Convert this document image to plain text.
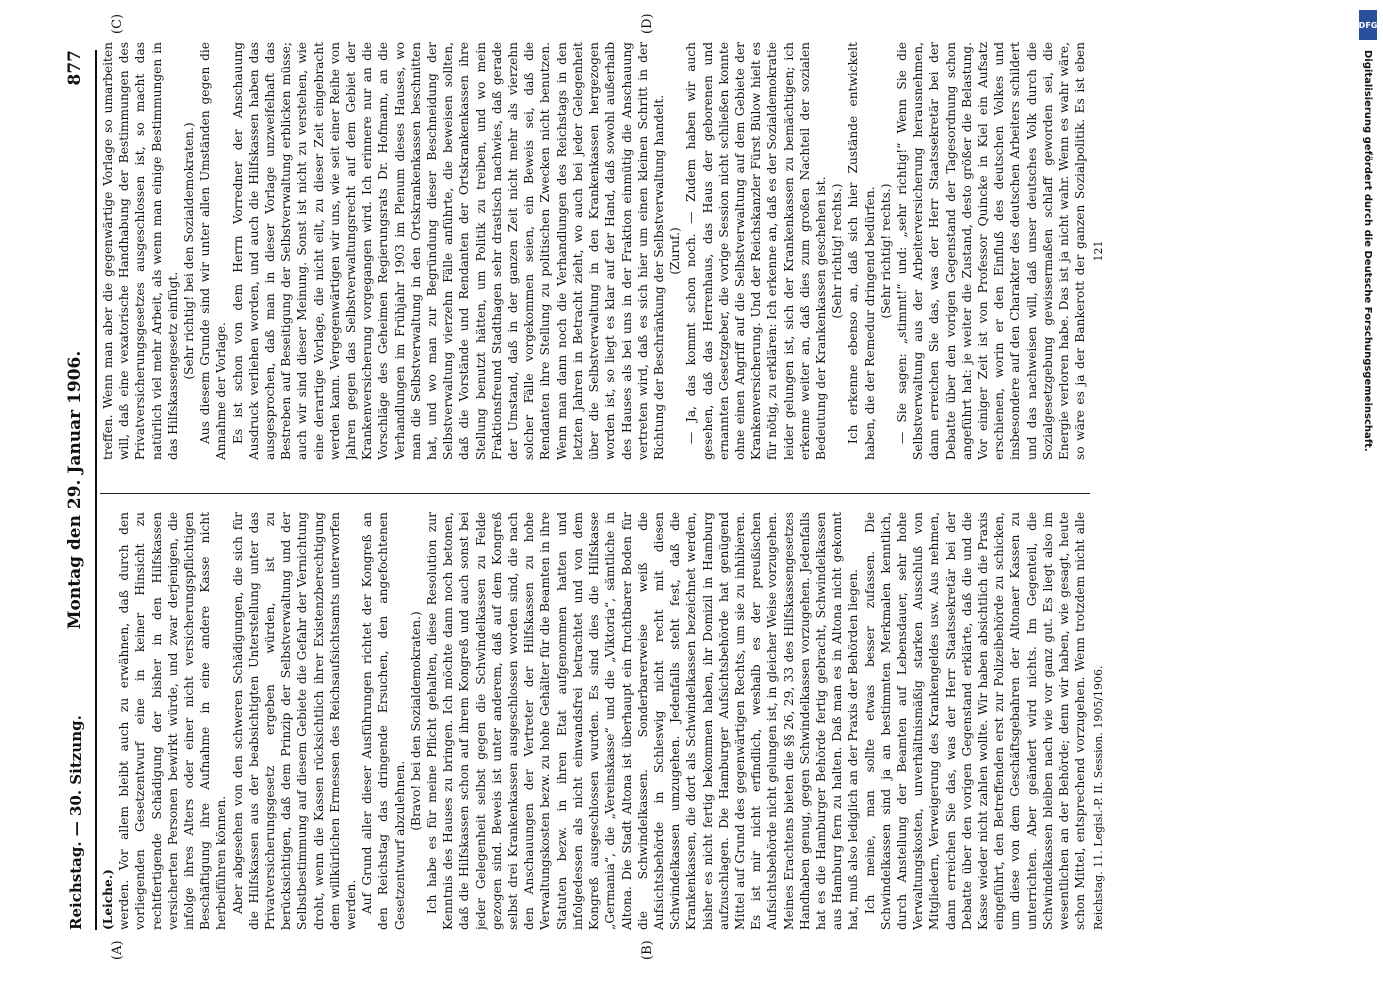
Reichstag. — 30. Sitzung.
Montag den 29. Januar 1906.
877
(A)	(B)
(C)	(D)

(Leiche.) werden. Vor allem bleibt auch zu erwähnen, daß durch den vorliegenden Gesetzentwurf eine in keiner Hinsicht zu rechtfertigende Schädigung der bisher in den Hilfskassen versicherten Personen bewirkt würde, und zwar derjenigen, die infolge ihres Alters oder einer nicht versicherungspflichtigen Beschäftigung ihre Aufnahme in eine andere Kasse nicht herbeiführen können. Aber abgesehen von den schweren Schädigungen, die sich für die Hilfskassen aus der beabsichtigten Unterstellung unter das Privatversicherungsgesetz ergeben würden, ist zu berücksichtigen, daß dem Prinzip der Selbstverwaltung und der Selbstbestimmung auf diesem Gebiete die Gefahr der Vernichtung droht, wenn die Kassen rücksichtlich ihrer Existenzberechtigung dem willkürlichen Ermessen des Reichsaufsichtsamts unterworfen werden. Auf Grund aller dieser Ausführungen richtet der Kongreß an den Reichstag das dringende Ersuchen, den angefochtenen Gesetzentwurf abzulehnen.

(Bravo! bei den Sozialdemokraten.) Ich habe es für meine Pflicht gehalten, diese Resolution zur Kenntnis des Hauses zu bringen. Ich möchte dann noch betonen, daß die Hilfskassen schon auf ihrem Kongreß und auch sonst bei jeder Gelegenheit selbst gegen die Schwindelkassen zu Felde gezogen sind. Beweis ist unter anderem, daß auf dem Kongreß selbst drei Krankenkassen ausgeschlossen worden sind, die nach den Anschauungen der Vertreter der Hilfskassen zu hohe Verwaltungskosten bezw. zu hohe Gehälter für die Beamten in ihre Statuten bezw. in ihren Etat aufgenommen hatten und infolgedessen als nicht einwandsfrei betrachtet und von dem Kongreß ausgeschlossen wurden. Es sind dies die Hilfskasse „Germania“, die „Vereinskasse“ und die „Viktoria“, sämtliche in Altona. Die Stadt Altona ist überhaupt ein fruchtbarer Boden für die Schwindelkassen. Sonderbarerweise weiß die Aufsichtsbehörde in Schleswig nicht recht mit diesen Schwindelkassen umzugehen. Jedenfalls steht fest, daß die Krankenkassen, die dort als Schwindelkassen bezeichnet werden, bisher es nicht fertig bekommen haben, ihr Domizil in Hamburg aufzuschlagen. Die Hamburger Aufsichtsbehörde hat genügend Mittel auf Grund des gegenwärtigen Rechts, um sie zu inhibieren. Es ist mir nicht erfindlich, weshalb es der preußischen Aufsichtsbehörde nicht gelungen ist, in gleicher Weise vorzugehen. Meines Erachtens bieten die §§ 26, 29, 33 des Hilfskassengesetzes Handhaben genug, gegen Schwindelkassen vorzugehen. Jedenfalls hat es die Hamburger Behörde fertig gebracht, Schwindelkassen aus Hamburg fern zu halten. Daß man es in Altona nicht gekonnt hat, muß also lediglich an der Praxis der Behörden liegen. Ich meine, man sollte etwas besser zufassen. Die Schwindelkassen sind ja an bestimmten Merkmalen kenntlich, durch Anstellung der Beamten auf Lebensdauer, sehr hohe Verwaltungskosten, unverhältnismäßig starken Ausschluß von Mitgliedern, Verweigerung des Krankengeldes usw. Aus nehmen, dann erreichen Sie das, was der Herr Staatssekretär bei der Debatte über den vorigen Gegenstand erklärte, daß die und die Kasse wieder nicht zahlen wollte. Wir haben absichtlich die Praxis eingeführt, den Betreffenden erst zur Polizeibehörde zu schicken, um diese von dem Geschäftsgebahren der Altonaer Kassen zu unterrichten. Aber geändert wird nichts. Im Gegenteil, die Schwindelkassen bleiben nach wie vor ganz gut. Es liegt also im wesentlichen an der Behörde; denn wir haben, wie gesagt, heute schon Mittel, entsprechend vorzugehen. Wenn trotzdem nicht alle

treffen. Wenn man aber die gegenwärtige Vorlage so umarbeiten will, daß eine vexatorische Handhabung der Bestimmungen des Privatversicherungsgesetzes ausgeschlossen ist, so macht das natürlich viel mehr Arbeit, als wenn man einige Bestimmungen in das Hilfskassengesetz einfügt. (Sehr richtig! bei den Sozialdemokraten.) Aus diesem Grunde sind wir unter allen Umständen gegen die Annahme der Vorlage. Es ist schon von dem Herrn Vorredner der Anschauung Ausdruck verliehen worden, und auch die Hilfskassen haben das ausgesprochen, daß man in dieser Vorlage unzweifelhaft das Bestreben auf Beseitigung der Selbstverwaltung erblicken müsse; auch wir sind dieser Meinung. Sonst ist nicht zu verstehen, wie eine derartige Vorlage, die nicht eilt, zu dieser Zeit eingebracht werden kann. Vergegenwärtigen wir uns, wie seit einer Reihe von Jahren gegen das Selbstverwaltungsrecht auf dem Gebiet der Krankenversicherung vorgegangen wird. Ich erinnere nur an die Vorschläge des Geheimen Regierungsrats Dr. Hofmann, an die Verhandlungen im Frühjahr 1903 im Plenum dieses Hauses, wo man die Selbstverwaltung in den Ortskrankenkassen beschnitten hat, und wo man zur Begründung dieser Beschneidung der Selbstverwaltung vierzehn Fälle anführte, die beweisen sollten, daß die Vorstände und Rendanten der Ortskrankenkassen ihre Stellung benutzt hätten, um Politik zu treiben, und wo mein Fraktionsfreund Stadthagen sehr drastisch nachwies, daß gerade der Umstand, daß in der ganzen Zeit nicht mehr als vierzehn solcher Fälle vorgekommen seien, ein Beweis sei, daß die Rendanten ihre Stellung zu politischen Zwecken nicht benutzen. Wenn man dann noch die Verhandlungen des Reichstags in den letzten Jahren in Betracht zieht, wo auch bei jeder Gelegenheit über die Selbstverwaltung in den Krankenkassen hergezogen worden ist, so liegt es klar auf der Hand, daß sowohl außerhalb des Hauses als bei uns in der Fraktion einmütig die Anschauung vertreten wird, daß es sich hier um einen kleinen Schritt in der Richtung der Beschränkung der Selbstverwaltung handelt. (Zuruf.) — Ja, das kommt schon noch. — Zudem haben wir auch gesehen, daß das Herrenhaus, das Haus der geborenen und ernannten Gesetzgeber, die vorige Session nicht schließen konnte ohne einen Angriff auf die Selbstverwaltung auf dem Gebiete der Krankenversicherung. Und der Reichskanzler Fürst Bülow hielt es für nötig, zu erklären: Ich erkenne an, daß es der Sozialdemokratie leider gelungen ist, sich der Krankenkassen zu bemächtigen; ich erkenne weiter an, daß dies zum großen Nachteil der sozialen Bedeutung der Krankenkassen geschehen ist. (Sehr richtig! rechts.) Ich erkenne ebenso an, daß sich hier Zustände entwickelt haben, die der Remedur dringend bedürfen. (Sehr richtig! rechts.)

— Sie sagen: „stimmt!“ und: „sehr richtig!“ Wenn Sie die Selbstverwaltung aus der Arbeiterversicherung herausnehmen, dann erreichen Sie das, was der Herr Staatssekretär bei der Debatte über den vorigen Gegenstand der Tagesordnung schon angeführt hat: je weiter die Zustand, desto größer die Belastung. Vor einiger Zeit ist von Professor Quincke in Kiel ein Aufsatz erschienen, worin er den Einfluß des deutschen Volkes und insbesondere auf den Charakter des deutschen Arbeiters schildert und das nachweisen will, daß unser deutsches Volk durch die Sozialgesetzgebung gewissermaßen schlaff geworden sei, die Energie verloren habe. Das ist ja nicht wahr. Wenn es wahr wäre, so wäre es ja der Bankerott der ganzen Sozialpolitik. Es ist eben

Reichstag. 11. Legisl.-P. II. Session. 1905/1906.
121
DFG
Digitalisierung gefördert durch die Deutsche Forschungsgemeinschaft.
